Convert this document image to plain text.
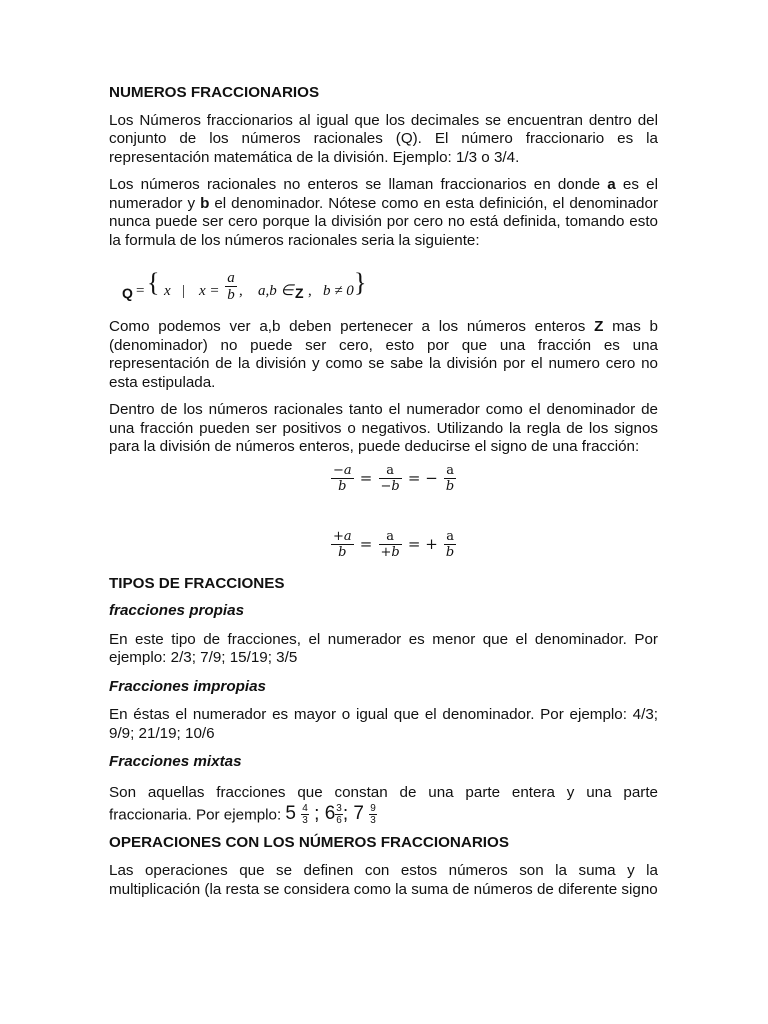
NUMEROS FRACCIONARIOS

Los Números fraccionarios al igual que los decimales se encuentran dentro del conjunto de los números racionales (Q). El número fraccionario es la representación matemática de la división. Ejemplo: 1/3 o 3/4.

Los números racionales no enteros se llaman fraccionarios en donde a es el numerador y b el denominador. Nótese como en esta definición, el denominador nunca puede ser cero porque la división por cero no está definida, tomando esto la formula de los números racionales seria la siguiente:

Q = { x | x =
a
b , a,b ∈ Z , b ≠ 0 }

Como podemos ver a,b deben pertenecer a los números enteros Z mas b (denominador) no puede ser cero, esto por que una fracción es una representación de la división y como se sabe la división por el numero cero no esta estipulada.

Dentro de los números racionales tanto el numerador como el denominador de una fracción pueden ser positivos o negativos. Utilizando la regla de los signos para la división de números enteros, puede deducirse el signo de una fracción:

$\frac{-a}{b} = \frac{a}{-b}$ = − $\frac{a}{b}$
$\frac{+a}{b} = \frac{a}{+b}$ = + $\frac{a}{b}$

TIPOS DE FRACCIONES

fracciones propias

En este tipo de fracciones, el numerador es menor que el denominador. Por ejemplo: 2/3; 7/9; 15/19; 3/5

Fracciones impropias

En éstas el numerador es mayor o igual que el denominador. Por ejemplo: 4/3; 9/9; 21/19; 10/6

Fracciones mixtas

Son aquellas fracciones que constan de una parte entera y una parte fraccionaria. Por ejemplo: $5 \frac{4}{3}$ ; $6 \frac{3}{6}$ ; $7 \frac{9}{3}$

OPERACIONES CON LOS NÚMEROS FRACCIONARIOS

Las operaciones que se definen con estos números son la suma y la multiplicación (la resta se considera como la suma de números de diferente signo
